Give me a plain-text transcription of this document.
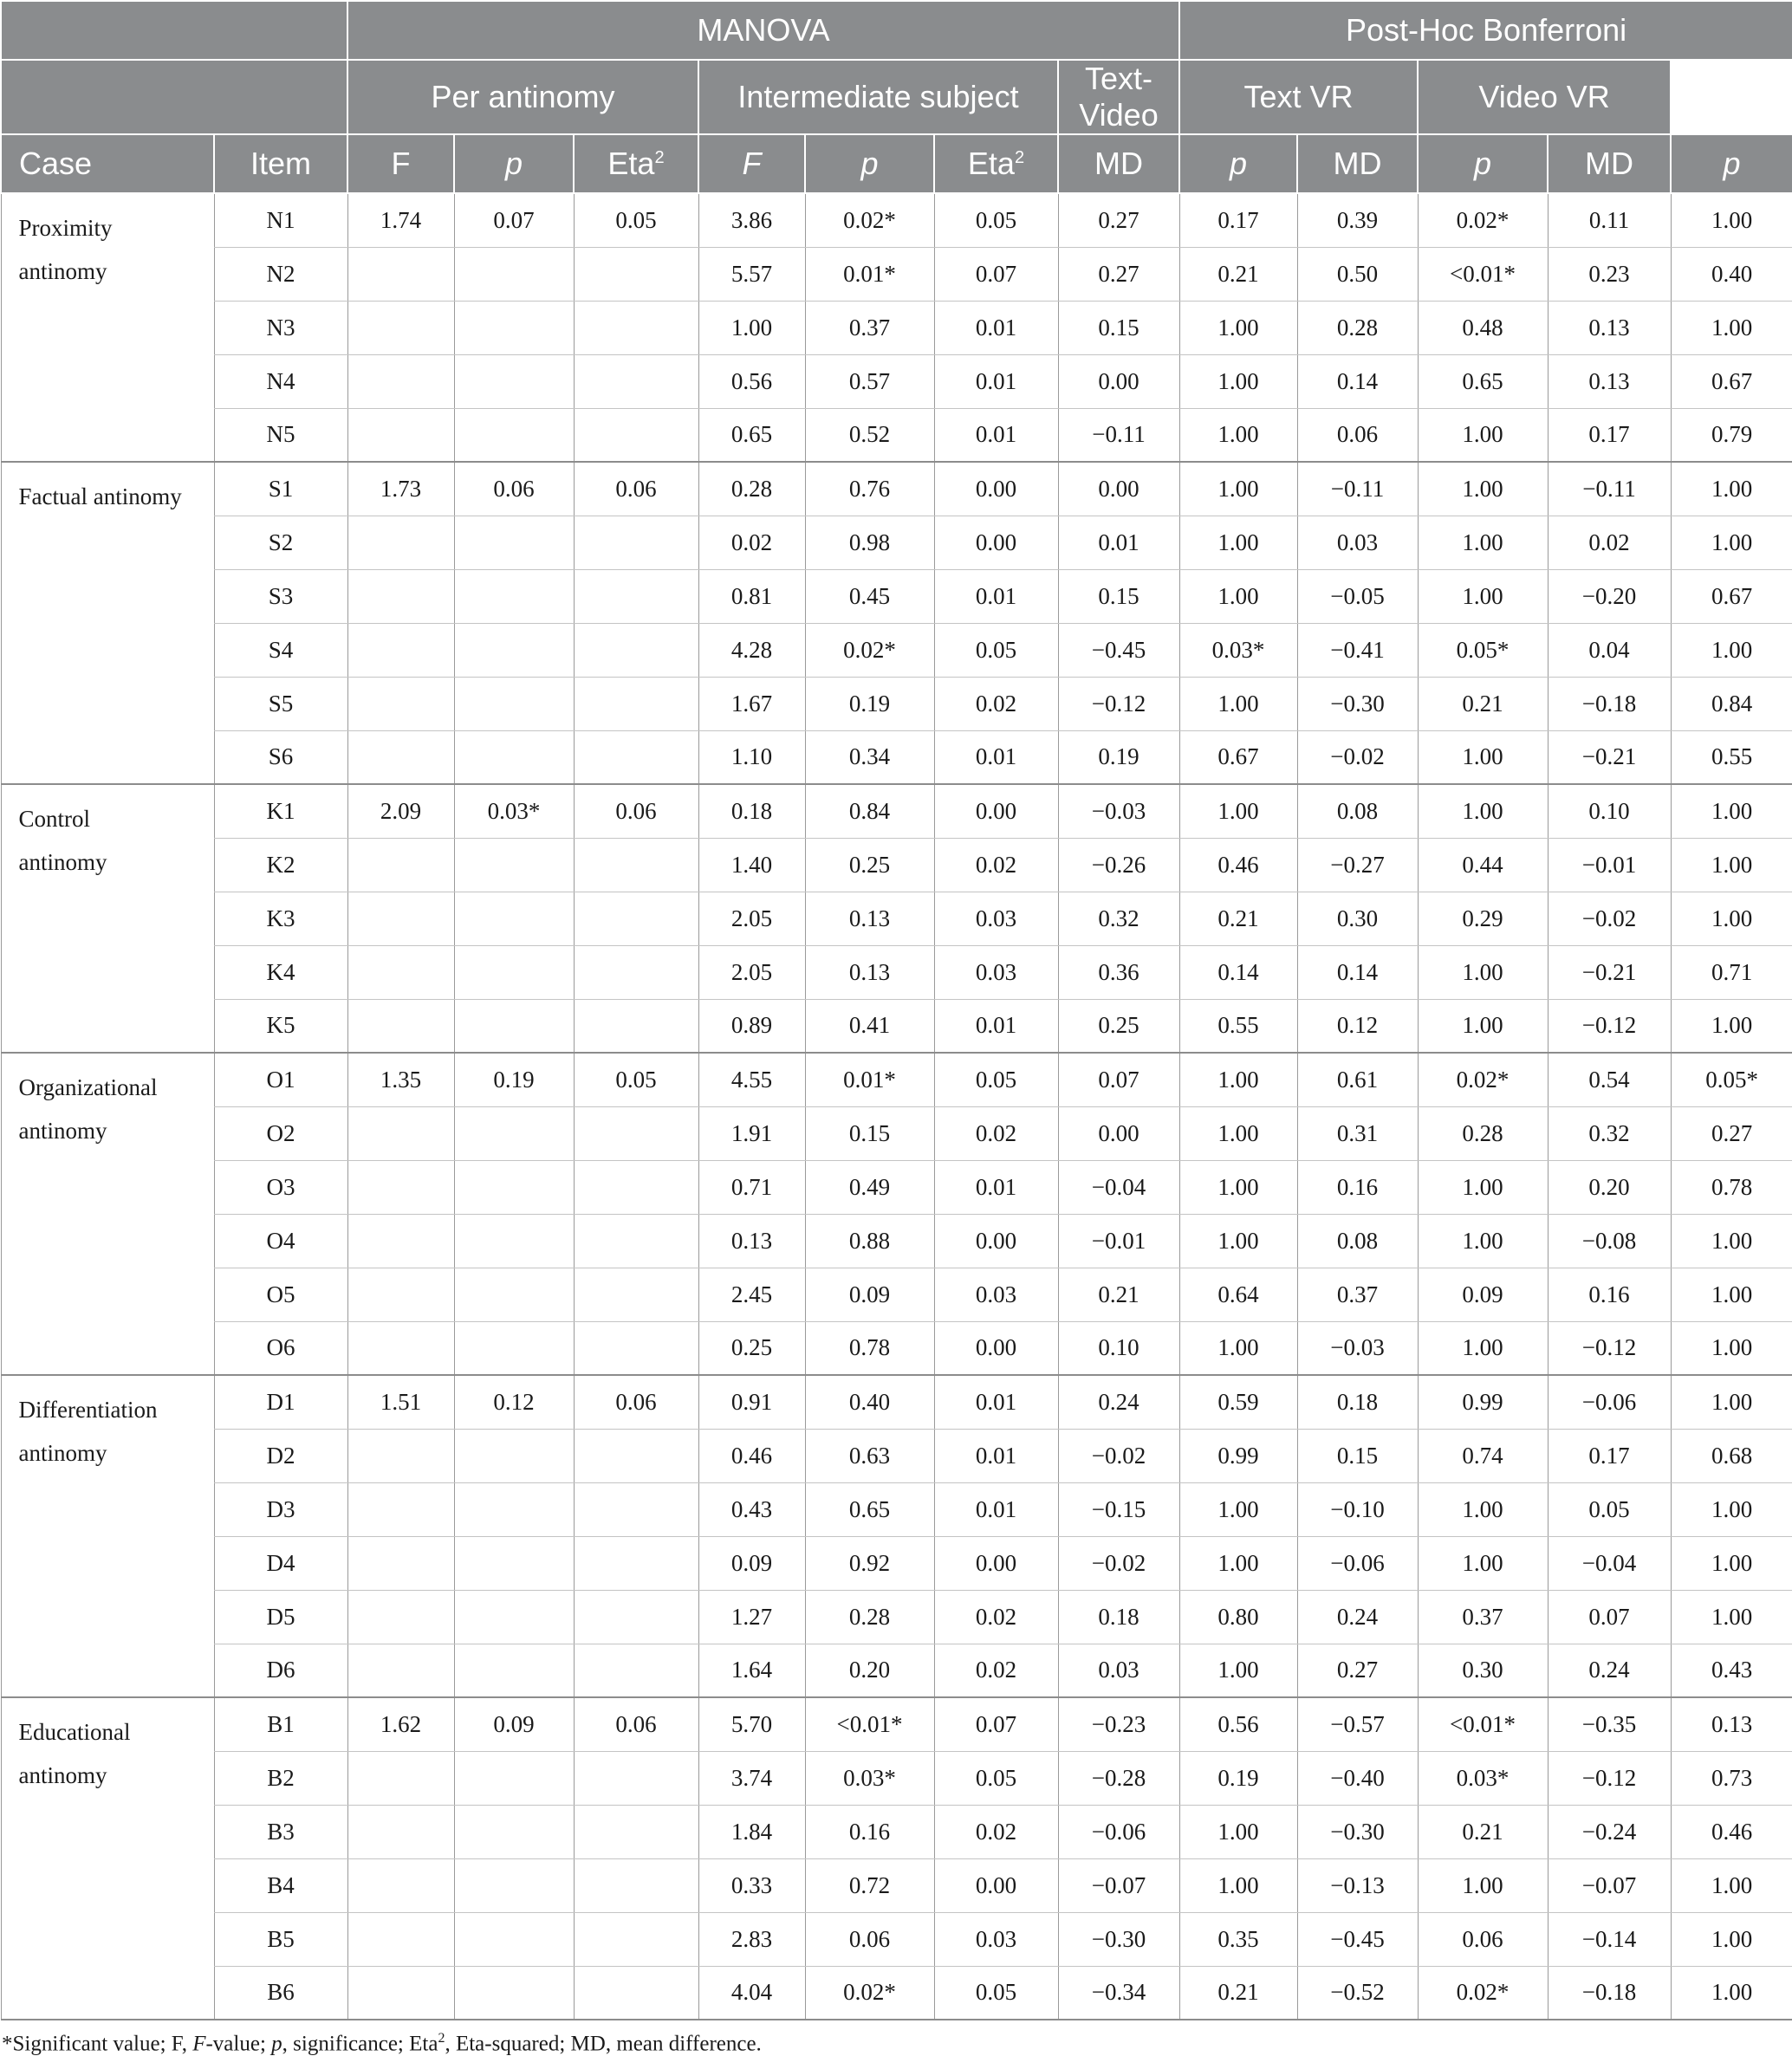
		MANOVA							Post-Hoc Bonferroni				
		Per antinomy			Intermediate subject			Text-Video	Text VR		Video VR		
Case	Item	F	p	Eta$^2$	F	p	Eta$^2$	MD	p	MD	p	MD	p

Proximity
antinomy	N1	1.74	0.07	0.05	3.86	0.02*	0.05	0.27	0.17	0.39	0.02*	0.11	1.00
	N2				5.57	0.01*	0.07	0.27	0.21	0.50	<0.01*	0.23	0.40
	N3				1.00	0.37	0.01	0.15	1.00	0.28	0.48	0.13	1.00
	N4				0.56	0.57	0.01	0.00	1.00	0.14	0.65	0.13	0.67
	N5				0.65	0.52	0.01	−0.11	1.00	0.06	1.00	0.17	0.79

Factual antinomy	S1	1.73	0.06	0.06	0.28	0.76	0.00	0.00	1.00	−0.11	1.00	−0.11	1.00
	S2				0.02	0.98	0.00	0.01	1.00	0.03	1.00	0.02	1.00
	S3				0.81	0.45	0.01	0.15	1.00	−0.05	1.00	−0.20	0.67
	S4				4.28	0.02*	0.05	−0.45	0.03*	−0.41	0.05*	0.04	1.00
	S5				1.67	0.19	0.02	−0.12	1.00	−0.30	0.21	−0.18	0.84
	S6				1.10	0.34	0.01	0.19	0.67	−0.02	1.00	−0.21	0.55

Control
antinomy	K1	2.09	0.03*	0.06	0.18	0.84	0.00	−0.03	1.00	0.08	1.00	0.10	1.00
	K2				1.40	0.25	0.02	−0.26	0.46	−0.27	0.44	−0.01	1.00
	K3				2.05	0.13	0.03	0.32	0.21	0.30	0.29	−0.02	1.00
	K4				2.05	0.13	0.03	0.36	0.14	0.14	1.00	−0.21	0.71
	K5				0.89	0.41	0.01	0.25	0.55	0.12	1.00	−0.12	1.00

Organizational
antinomy	O1	1.35	0.19	0.05	4.55	0.01*	0.05	0.07	1.00	0.61	0.02*	0.54	0.05*
	O2				1.91	0.15	0.02	0.00	1.00	0.31	0.28	0.32	0.27
	O3				0.71	0.49	0.01	−0.04	1.00	0.16	1.00	0.20	0.78
	O4				0.13	0.88	0.00	−0.01	1.00	0.08	1.00	−0.08	1.00
	O5				2.45	0.09	0.03	0.21	0.64	0.37	0.09	0.16	1.00
	O6				0.25	0.78	0.00	0.10	1.00	−0.03	1.00	−0.12	1.00

Differentiation
antinomy	D1	1.51	0.12	0.06	0.91	0.40	0.01	0.24	0.59	0.18	0.99	−0.06	1.00
	D2				0.46	0.63	0.01	−0.02	0.99	0.15	0.74	0.17	0.68
	D3				0.43	0.65	0.01	−0.15	1.00	−0.10	1.00	0.05	1.00
	D4				0.09	0.92	0.00	−0.02	1.00	−0.06	1.00	−0.04	1.00
	D5				1.27	0.28	0.02	0.18	0.80	0.24	0.37	0.07	1.00
	D6				1.64	0.20	0.02	0.03	1.00	0.27	0.30	0.24	0.43

Educational
antinomy	B1	1.62	0.09	0.06	5.70	<0.01*	0.07	−0.23	0.56	−0.57	<0.01*	−0.35	0.13
	B2				3.74	0.03*	0.05	−0.28	0.19	−0.40	0.03*	−0.12	0.73
	B3				1.84	0.16	0.02	−0.06	1.00	−0.30	0.21	−0.24	0.46
	B4				0.33	0.72	0.00	−0.07	1.00	−0.13	1.00	−0.07	1.00
	B5				2.83	0.06	0.03	−0.30	0.35	−0.45	0.06	−0.14	1.00
	B6				4.04	0.02*	0.05	−0.34	0.21	−0.52	0.02*	−0.18	1.00
*Significant value; F, F-value; p, significance; Eta$^2$, Eta-squared; MD, mean difference.
